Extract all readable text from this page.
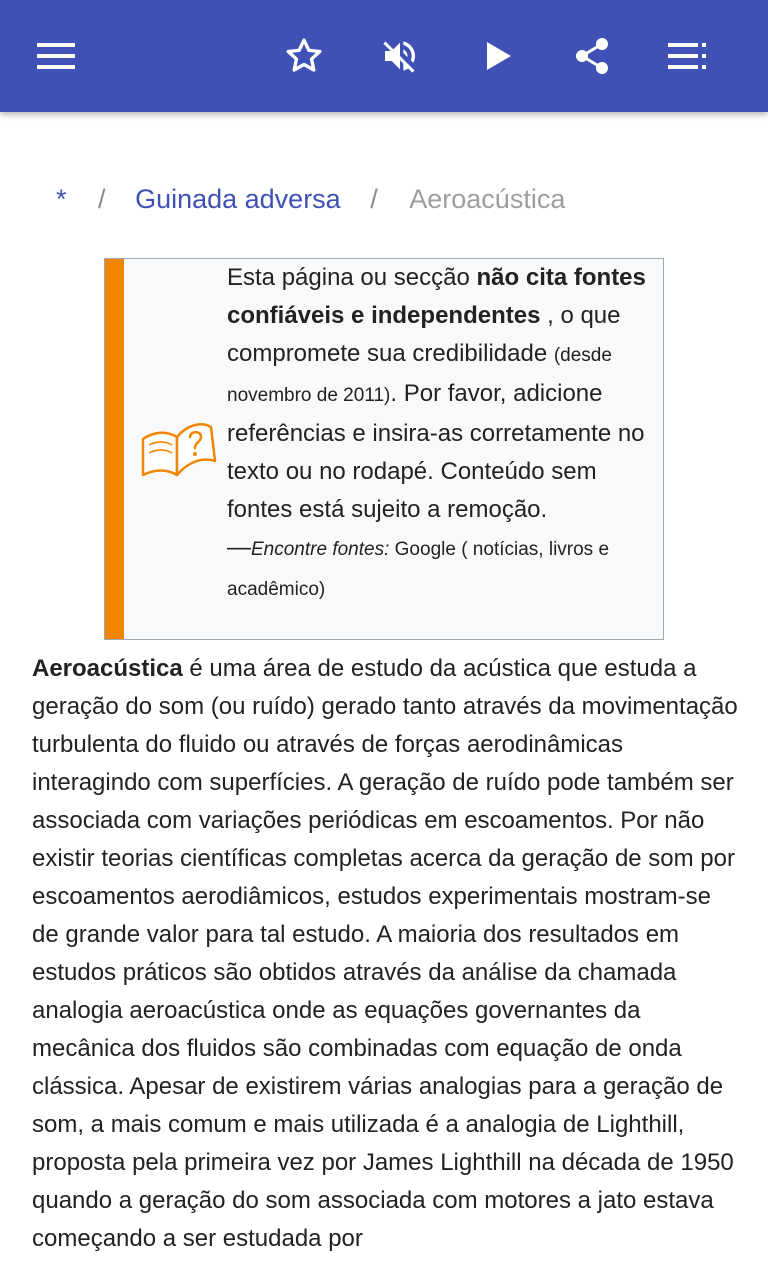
* / Guinada adversa / Aeroacústica
Esta página ou secção não cita fontes confiáveis e independentes , o que compromete sua credibilidade (desde novembro de 2011). Por favor, adicione referências e insira-as corretamente no texto ou no rodapé. Conteúdo sem fontes está sujeito a remoção.
—Encontre fontes: Google ( notícias, livros e acadêmico)
Aeroacústica é uma área de estudo da acústica que estuda a geração do som (ou ruído) gerado tanto através da movimentação turbulenta do fluido ou através de forças aerodinâmicas interagindo com superfícies. A geração de ruído pode também ser associada com variações periódicas em escoamentos. Por não existir teorias científicas completas acerca da geração de som por escoamentos aerodiâmicos, estudos experimentais mostram-se de grande valor para tal estudo. A maioria dos resultados em estudos práticos são obtidos através da análise da chamada analogia aeroacústica onde as equações governantes da mecânica dos fluidos são combinadas com equação de onda clássica. Apesar de existirem várias analogias para a geração de som, a mais comum e mais utilizada é a analogia de Lighthill, proposta pela primeira vez por James Lighthill na década de 1950 quando a geração do som associada com motores a jato estava começando a ser estudada por
